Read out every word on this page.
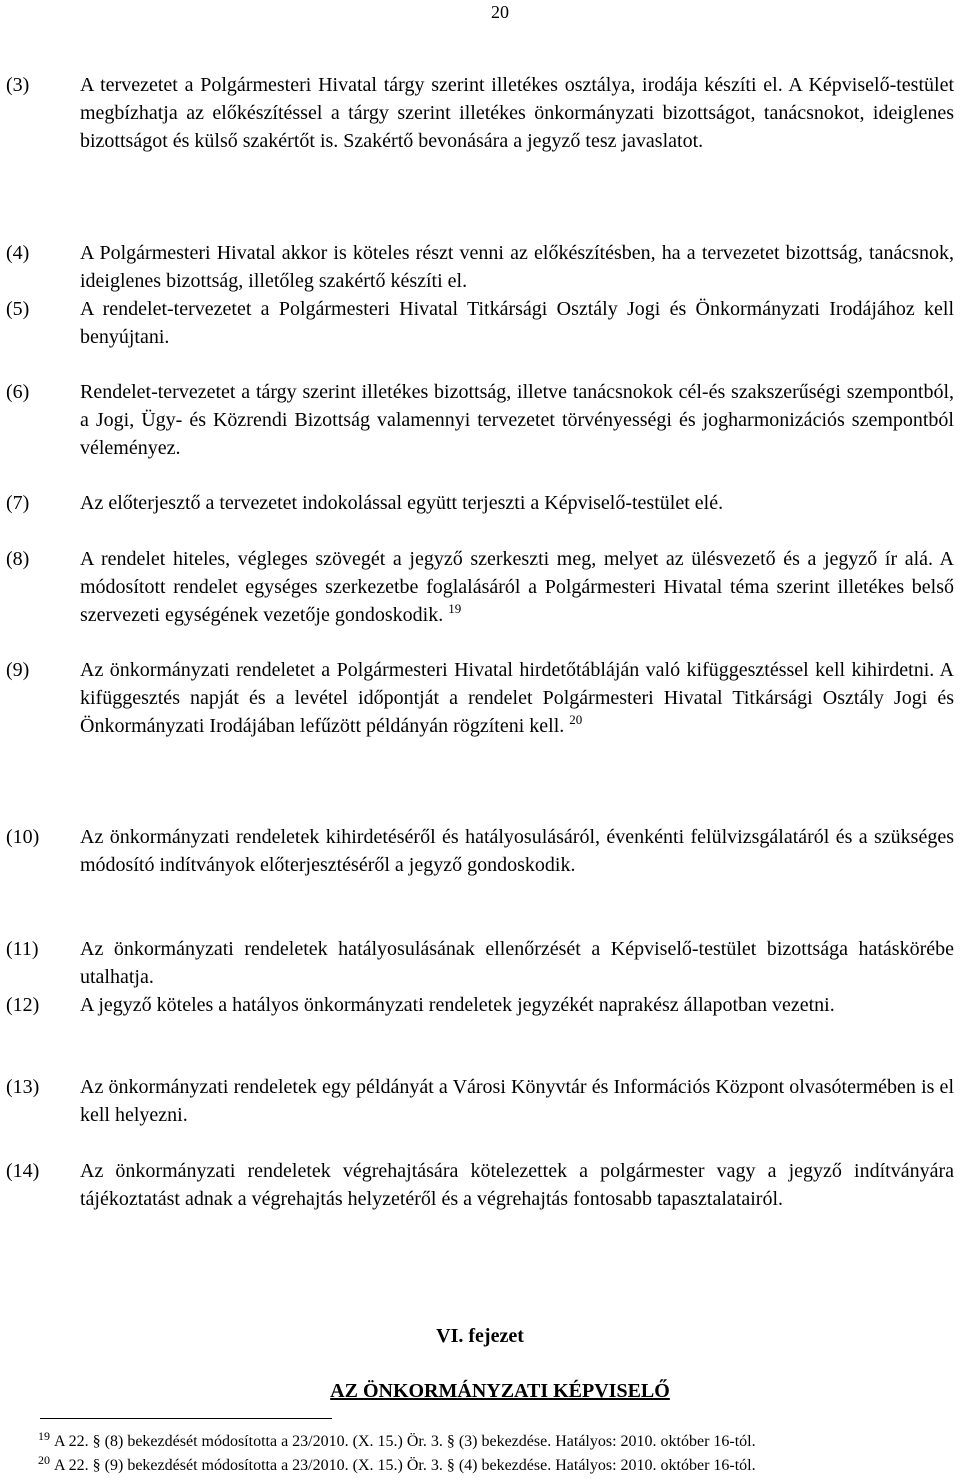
20
(3)	A tervezetet a Polgármesteri Hivatal tárgy szerint illetékes osztálya, irodája készíti el. A Képviselő-testület megbízhatja az előkészítéssel a tárgy szerint illetékes önkormányzati bizottságot, tanácsnokot, ideiglenes bizottságot és külső szakértőt is. Szakértő bevonására a jegyző tesz javaslatot.
(4)	A Polgármesteri Hivatal akkor is köteles részt venni az előkészítésben, ha a tervezetet bizottság, tanácsnok, ideiglenes bizottság, illetőleg szakértő készíti el.
(5)	A rendelet-tervezetet a Polgármesteri Hivatal Titkársági Osztály Jogi és Önkormányzati Irodájához kell benyújtani.
(6)	Rendelet-tervezetet a tárgy szerint illetékes bizottság, illetve tanácsnokok cél-és szakszerűségi szempontból, a Jogi, Ügy- és Közrendi Bizottság valamennyi tervezetet törvényességi és jogharmonizációs szempontból véleményez.
(7)	Az előterjesztő a tervezetet indokolással együtt terjeszti a Képviselő-testület elé.
(8)	A rendelet hiteles, végleges szövegét a jegyző szerkeszti meg, melyet az ülésvezető és a jegyző ír alá. A módosított rendelet egységes szerkezetbe foglalásáról a Polgármesteri Hivatal téma szerint illetékes belső szervezeti egységének vezetője gondoskodik. $^{19}$
(9)	Az önkormányzati rendeletet a Polgármesteri Hivatal hirdetőtábláján való kifüggesztéssel kell kihirdetni. A kifüggesztés napját és a levétel időpontját a rendelet Polgármesteri Hivatal Titkársági Osztály Jogi és Önkormányzati Irodájában lefűzött példányán rögzíteni kell. $^{20}$
(10)	Az önkormányzati rendeletek kihirdetéséről és hatályosulásáról, évenkénti felülvizsgálatáról és a szükséges módosító indítványok előterjesztéséről a jegyző gondoskodik.
(11)	Az önkormányzati rendeletek hatályosulásának ellenőrzését a Képviselő-testület bizottsága hatáskörébe utalhatja.
(12)	A jegyző köteles a hatályos önkormányzati rendeletek jegyzékét naprakész állapotban vezetni.
(13)	Az önkormányzati rendeletek egy példányát a Városi Könyvtár és Információs Központ olvasótermében is el kell helyezni.
(14)	Az önkormányzati rendeletek végrehajtására kötelezettek a polgármester vagy a jegyző indítványára tájékoztatást adnak a végrehajtás helyzetéről és a végrehajtás fontosabb tapasztalatairól.
VI. fejezet
AZ ÖNKORMÁNYZATI KÉPVISELŐ
$^{19}$ A 22. § (8) bekezdését módosította a 23/2010. (X. 15.) Ör. 3. § (3) bekezdése. Hatályos: 2010. október 16-tól.
$^{20}$ A 22. § (9) bekezdését módosította a 23/2010. (X. 15.) Ör. 3. § (4) bekezdése. Hatályos: 2010. október 16-tól.
